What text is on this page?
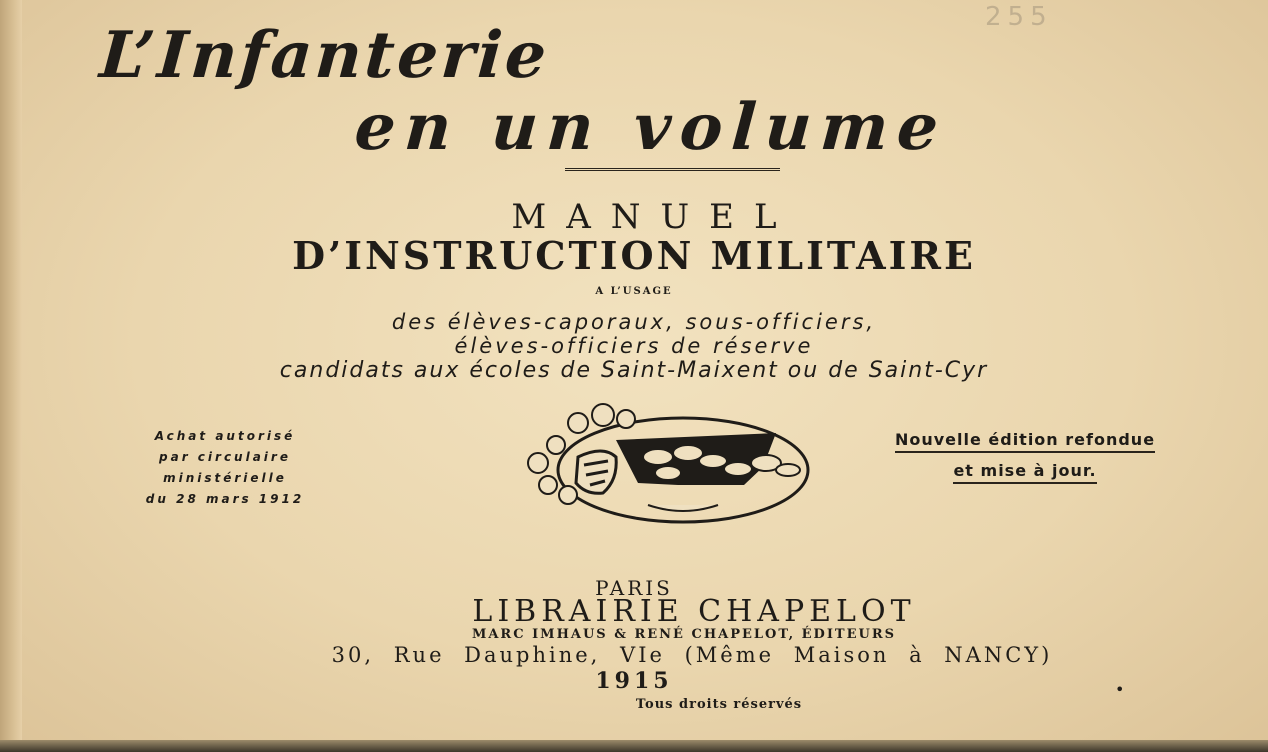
255
L’Infanterie
en un volume
MANUEL
D’INSTRUCTION MILITAIRE
A L’USAGE
des élèves-caporaux, sous-officiers,
élèves-officiers de réserve
candidats aux écoles de Saint-Maixent ou de Saint-Cyr
Achat autorisé
par circulaire
ministérielle
du 28 mars 1912
Nouvelle édition refondue
et mise à jour.
PARIS
LIBRAIRIE CHAPELOT
MARC IMHAUS & RENÉ CHAPELOT, ÉDITEURS
30, Rue Dauphine, VIe (Même Maison à NANCY)
1915
Tous droits réservés
•
